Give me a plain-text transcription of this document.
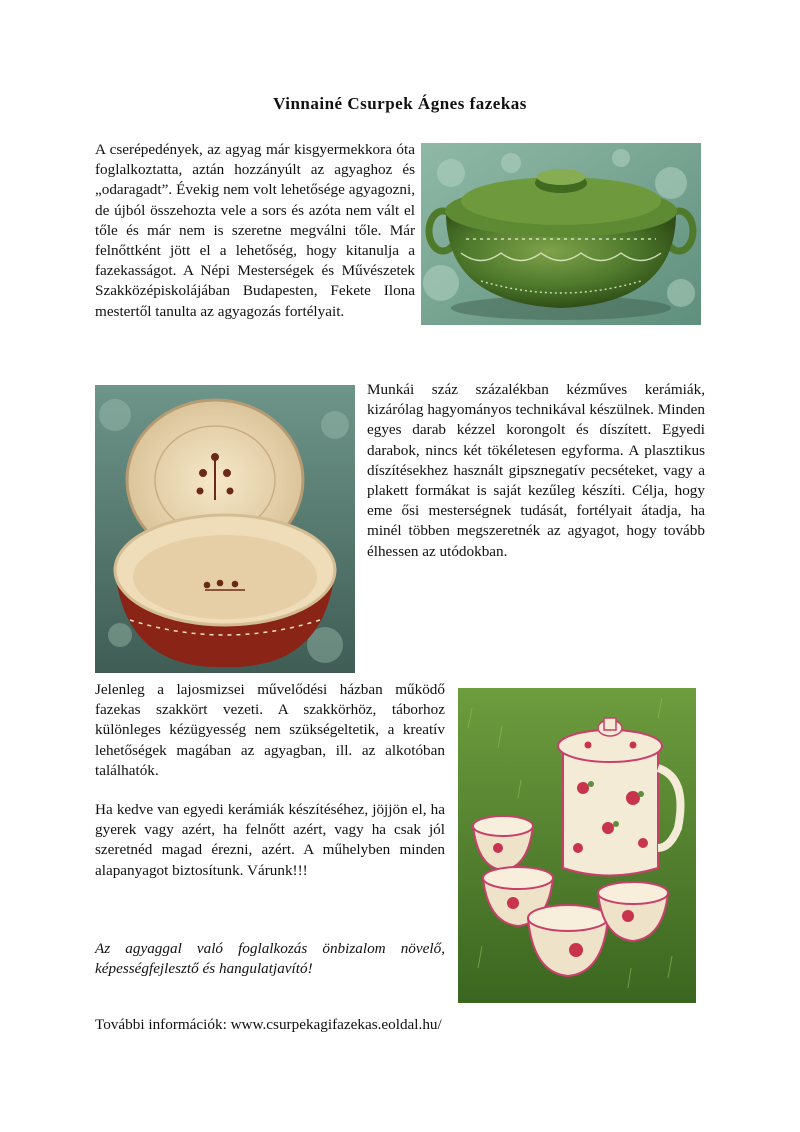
Vinnainé Csurpek Ágnes fazekas

A cserépedények, az agyag már kisgyermekkora óta foglalkoztatta, aztán hozzányúlt az agyaghoz és „odaragadt”. Évekig nem volt lehetősége agyagozni, de újból összehozta vele a sors és azóta nem vált el tőle és már nem is szeretne megválni tőle. Már felnőttként jött el a lehetőség, hogy kitanulja a fazekasságot. A Népi Mesterségek és Művészetek Szakközépiskolájában Budapesten, Fekete Ilona mestertől tanulta az agyagozás fortélyait.

Munkái száz százalékban kézműves kerámiák, kizárólag hagyományos technikával készülnek. Minden egyes darab kézzel korongolt és díszített. Egyedi darabok, nincs két tökéletesen egyforma. A plasztikus díszítésekhez használt gipsznegatív pecséteket, vagy a plakett formákat is saját kezűleg készíti. Célja, hogy eme ősi mesterségnek tudását, fortélyait átadja, ha minél többen megszeretnék az agyagot, hogy tovább élhessen az utódokban.

Jelenleg a lajosmizsei művelődési házban működő fazekas szakkört vezeti. A szakkörhöz, táborhoz különleges kézügyesség nem szükségeltetik, a kreatív lehetőségek magában az agyagban, ill. az alkotóban találhatók.

Ha kedve van egyedi kerámiák készítéséhez, jöjjön el, ha gyerek vagy azért, ha felnőtt azért, vagy ha csak jól szeretnéd magad érezni, azért. A műhelyben minden alapanyagot biztosítunk. Várunk!!!

Az agyaggal való foglalkozás önbizalom növelő, képességfejlesztő és hangulatjavító!

További információk: www.csurpekagifazekas.eoldal.hu/
